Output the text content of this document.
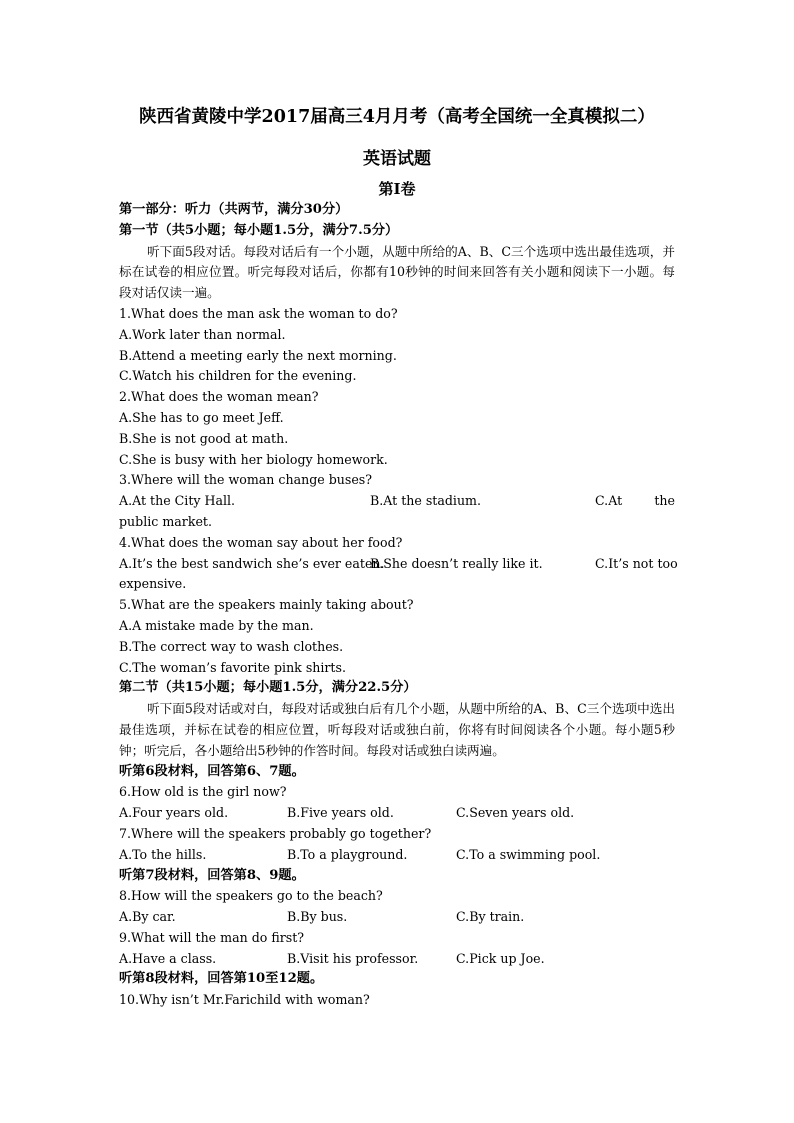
陕西省黄陵中学2017届高三4月月考（高考全国统一全真模拟二）
英语试题
第I卷
第一部分：听力（共两节，满分30分）
第一节（共5小题；每小题1.5分，满分7.5分）
听下面5段对话。每段对话后有一个小题，从题中所给的A、B、C三个选项中选出最佳选项，并标在试卷的相应位置。听完每段对话后，你都有10秒钟的时间来回答有关小题和阅读下一小题。每段对话仅读一遍。
1.What does the man ask the woman to do?
A.Work later than normal.
B.Attend a meeting early the next morning.
C.Watch his children for the evening.
2.What does the woman mean?
A.She has to go meet Jeff.
B.She is not good at math.
C.She is busy with her biology homework.
3.Where will the woman change buses?
A.At the City Hall.	B.At the stadium.	C.At	the
public market.
4.What does the woman say about her food?
A.It’s the best sandwich she’s ever eaten.
B.She doesn’t really like it.	C.It’s not too
expensive.
5.What are the speakers mainly taking about?
A.A mistake made by the man.
B.The correct way to wash clothes.
C.The woman’s favorite pink shirts.
第二节（共15小题；每小题1.5分，满分22.5分）
听下面5段对话或对白，每段对话或独白后有几个小题，从题中所给的A、B、C三个选项中选出最佳选项，并标在试卷的相应位置，听每段对话或独白前，你将有时间阅读各个小题。每小题5秒钟；听完后，各小题给出5秒钟的作答时间。每段对话或独白读两遍。
听第6段材料，回答第6、7题。
6.How old is the girl now?
A.Four years old.	B.Five years old.	C.Seven years old.
7.Where will the speakers probably go together?
A.To the hills.	B.To a playground.	C.To a swimming pool.
听第7段材料，回答第8、9题。
8.How will the speakers go to the beach?
A.By car.	B.By bus.	C.By train.
9.What will the man do first?
A.Have a class.	B.Visit his professor.	C.Pick up Joe.
听第8段材料，回答第10至12题。
10.Why isn’t Mr.Farichild with woman?
